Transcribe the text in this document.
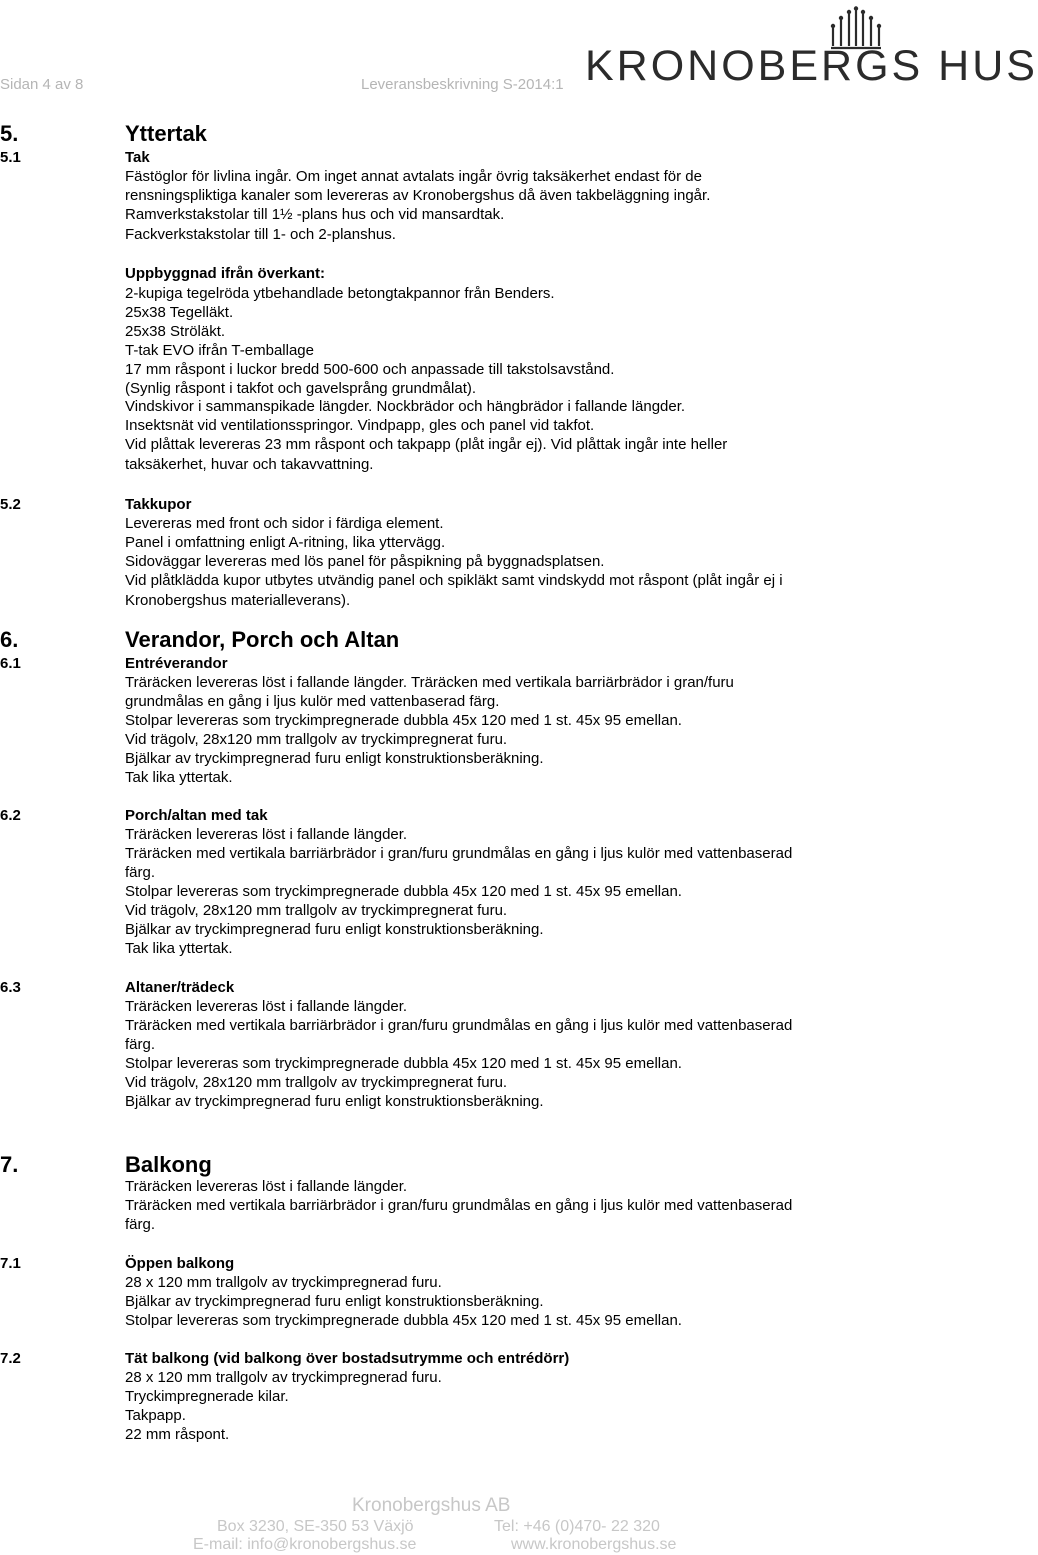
Sidan 4 av 8	Leveransbeskrivning S-2014:1 KRONOBERGS HUS
5.	Yttertak
5.1	Tak
Fästöglor för livlina ingår. Om inget annat avtalats ingår övrig taksäkerhet endast för de
rensningspliktiga kanaler som levereras av Kronobergshus då även takbeläggning ingår.
Ramverkstakstolar till 1½ -plans hus och vid mansardtak.
Fackverkstakstolar till 1- och 2-planshus.
Uppbyggnad ifrån överkant:
2-kupiga tegelröda ytbehandlade betongtakpannor från Benders.
25x38 Tegelläkt.
25x38 Ströläkt.
T-tak EVO ifrån T-emballage
17 mm råspont i luckor bredd 500-600 och anpassade till takstolsavstånd.
(Synlig råspont i takfot och gavelsprång grundmålat).
Vindskivor i sammanspikade längder. Nockbrädor och hängbrädor i fallande längder.
Insektsnät vid ventilationsspringor. Vindpapp, gles och panel vid takfot.
Vid plåttak levereras 23 mm råspont och takpapp (plåt ingår ej). Vid plåttak ingår inte heller
taksäkerhet, huvar och takavvattning.
5.2	Takkupor
Levereras med front och sidor i färdiga element.
Panel i omfattning enligt A-ritning, lika yttervägg.
Sidoväggar levereras med lös panel för påspikning på byggnadsplatsen.
Vid plåtklädda kupor utbytes utvändig panel och spikläkt samt vindskydd mot råspont (plåt ingår ej i
Kronobergshus materialleverans).
6.	Verandor, Porch och Altan
6.1	Entréverandor
Träräcken levereras löst i fallande längder. Träräcken med vertikala barriärbrädor i gran/furu
grundmålas en gång i ljus kulör med vattenbaserad färg.
Stolpar levereras som tryckimpregnerade dubbla 45x 120 med 1 st. 45x 95 emellan.
Vid trägolv, 28x120 mm trallgolv av tryckimpregnerat furu.
Bjälkar av tryckimpregnerad furu enligt konstruktionsberäkning.
Tak lika yttertak.
6.2	Porch/altan med tak
Träräcken levereras löst i fallande längder.
Träräcken med vertikala barriärbrädor i gran/furu grundmålas en gång i ljus kulör med vattenbaserad
färg.
Stolpar levereras som tryckimpregnerade dubbla 45x 120 med 1 st. 45x 95 emellan.
Vid trägolv, 28x120 mm trallgolv av tryckimpregnerat furu.
Bjälkar av tryckimpregnerad furu enligt konstruktionsberäkning.
Tak lika yttertak.
6.3	Altaner/trädeck
Träräcken levereras löst i fallande längder.
Träräcken med vertikala barriärbrädor i gran/furu grundmålas en gång i ljus kulör med vattenbaserad
färg.
Stolpar levereras som tryckimpregnerade dubbla 45x 120 med 1 st. 45x 95 emellan.
Vid trägolv, 28x120 mm trallgolv av tryckimpregnerat furu.
Bjälkar av tryckimpregnerad furu enligt konstruktionsberäkning.
7.	Balkong
Träräcken levereras löst i fallande längder.
Träräcken med vertikala barriärbrädor i gran/furu grundmålas en gång i ljus kulör med vattenbaserad
färg.
7.1	Öppen balkong
28 x 120 mm trallgolv av tryckimpregnerad furu.
Bjälkar av tryckimpregnerad furu enligt konstruktionsberäkning.
Stolpar levereras som tryckimpregnerade dubbla 45x 120 med 1 st. 45x 95 emellan.
7.2	Tät balkong (vid balkong över bostadsutrymme och entrédörr)
28 x 120 mm trallgolv av tryckimpregnerad furu.
Tryckimpregnerade kilar.
Takpapp.
22 mm råspont.
Kronobergshus AB
Box 3230, SE-350 53 Växjö	Tel: +46 (0)470- 22 320
E-mail: info@kronobergshus.se	www.kronobergshus.se
